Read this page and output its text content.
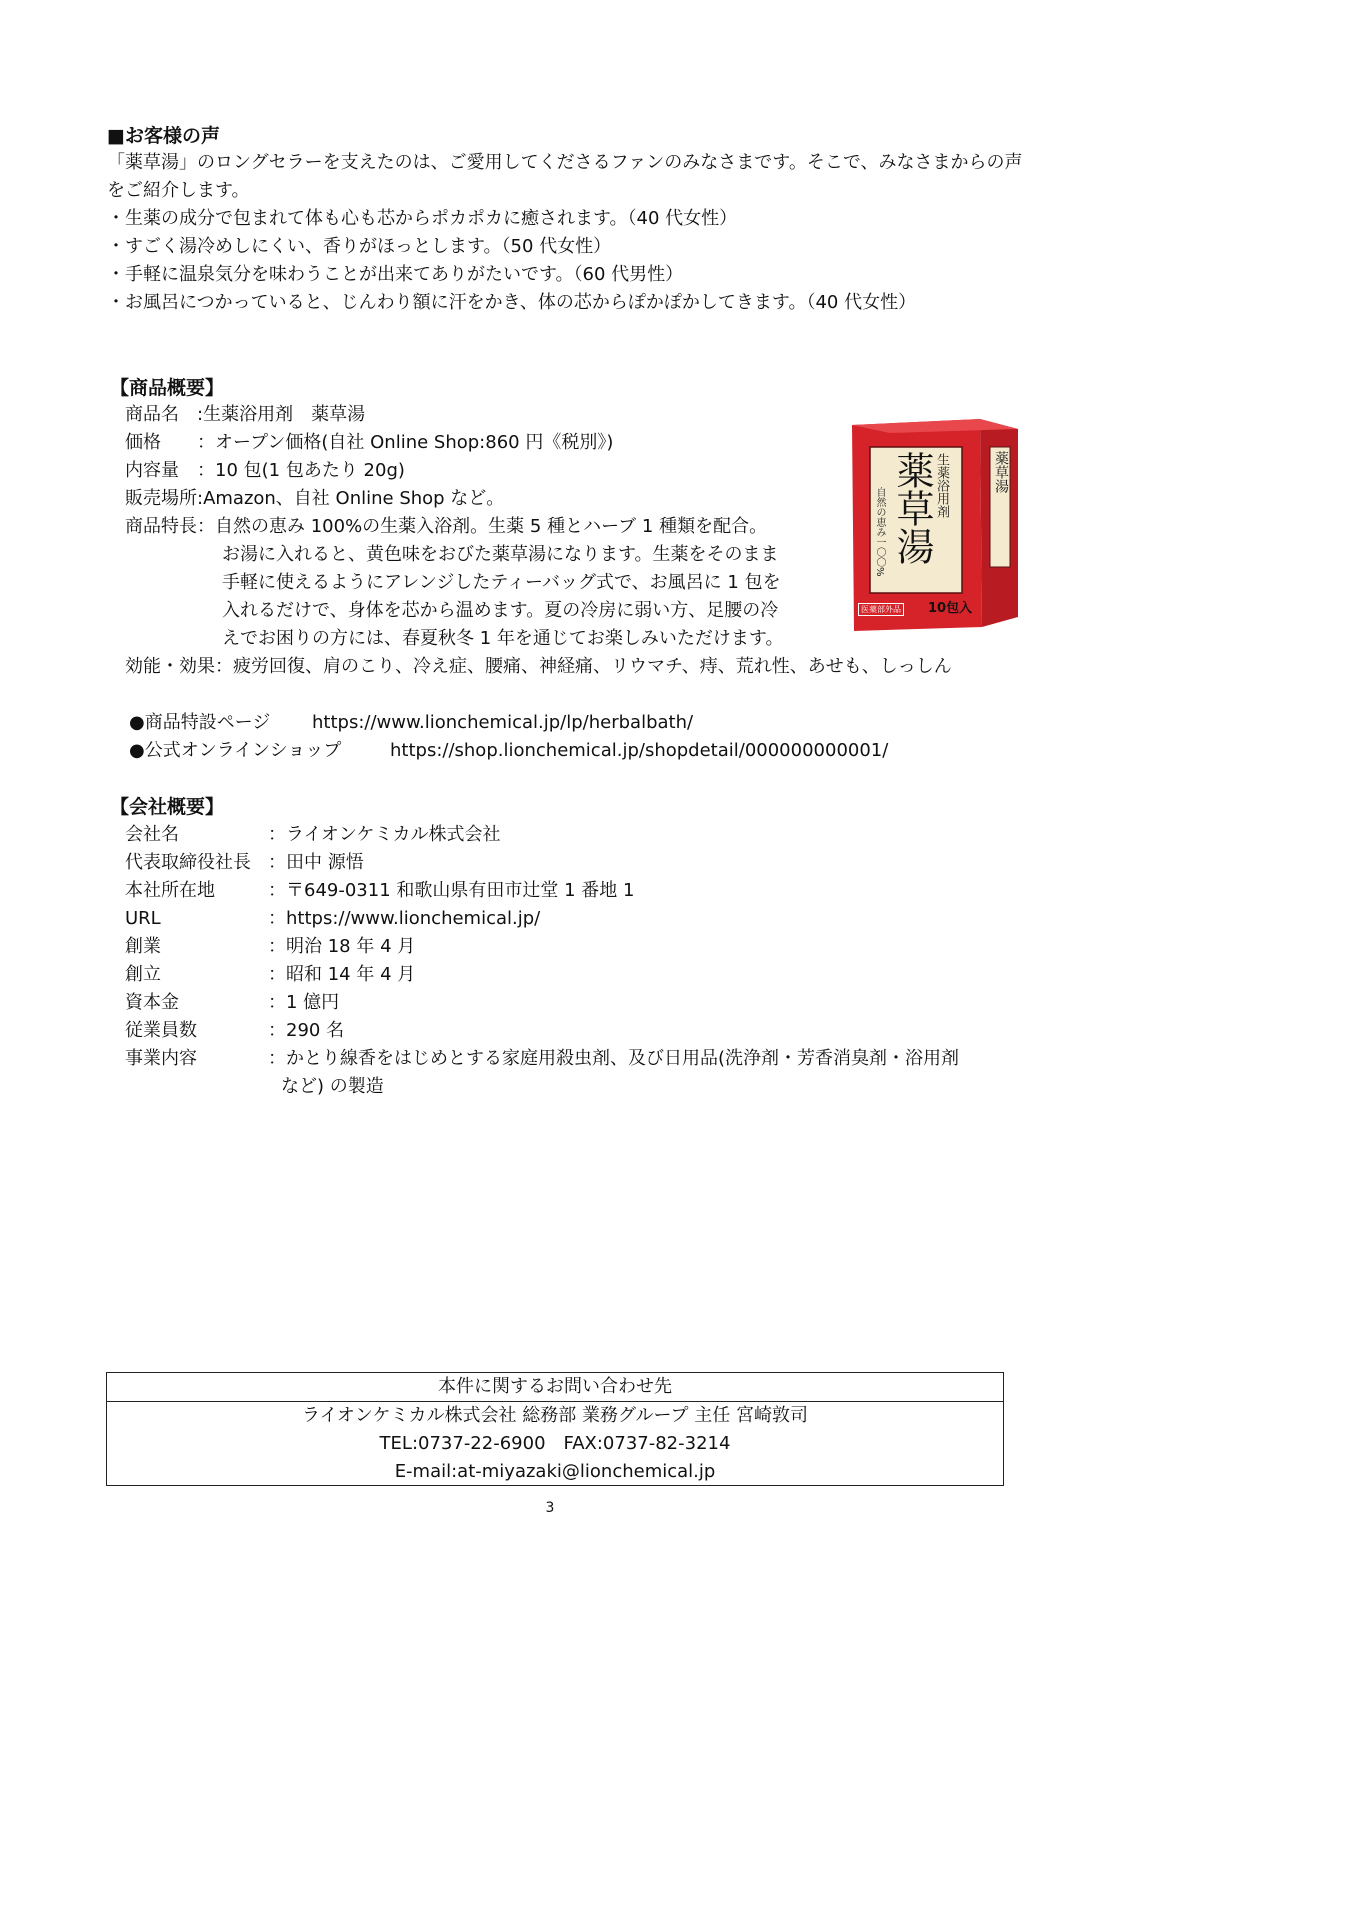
■お客様の声
「薬草湯」のロングセラーを支えたのは、ご愛用してくださるファンのみなさまです。そこで、みなさまからの声をご紹介します。
・生薬の成分で包まれて体も心も芯からポカポカに癒されます。（40 代女性）
・すごく湯冷めしにくい、香りがほっとします。（50 代女性）
・手軽に温泉気分を味わうことが出来てありがたいです。（60 代男性）
・お風呂につかっていると、じんわり額に汗をかき、体の芯からぽかぽかしてきます。（40 代女性）
【商品概要】
商品名　:生薬浴用剤　薬草湯
価格　　：オープン価格(自社 Online Shop:860 円《税別》)
内容量　：10 包(1 包あたり 20g)
販売場所:Amazon、自社 Online Shop など。
商品特長：自然の恵み 100%の生薬入浴剤。生薬 5 種とハーブ 1 種類を配合。
お湯に入れると、黄色味をおびた薬草湯になります。生薬をそのまま
手軽に使えるようにアレンジしたティーバッグ式で、お風呂に 1 包を
入れるだけで、身体を芯から温めます。夏の冷房に弱い方、足腰の冷
えでお困りの方には、春夏秋冬 1 年を通じてお楽しみいただけます。
効能・効果：疲労回復、肩のこり、冷え症、腰痛、神経痛、リウマチ、痔、荒れ性、あせも、しっしん
生薬浴用剤
薬草湯
自然の恵み一〇〇%
薬草湯
10包入
医薬部外品
●商品特設ページ https://www.lionchemical.jp/lp/herbalbath/
●公式オンラインショップ	https://shop.lionchemical.jp/shopdetail/000000000001/
【会社概要】
会社名	：ライオンケミカル株式会社
代表取締役社長 ：田中 源悟
本社所在地	：〒649-0311 和歌山県有田市辻堂 1 番地 1
URL	：https://www.lionchemical.jp/
創業	：明治 18 年 4 月
創立	：昭和 14 年 4 月
資本金	：1 億円
従業員数	：290 名
事業内容	：かとり線香をはじめとする家庭用殺虫剤、及び日用品(洗浄剤・芳香消臭剤・浴用剤
など) の製造
本件に関するお問い合わせ先
ライオンケミカル株式会社 総務部 業務グループ 主任 宮崎敦司
TEL:0737-22-6900　FAX:0737-82-3214
E-mail:at-miyazaki@lionchemical.jp
3
